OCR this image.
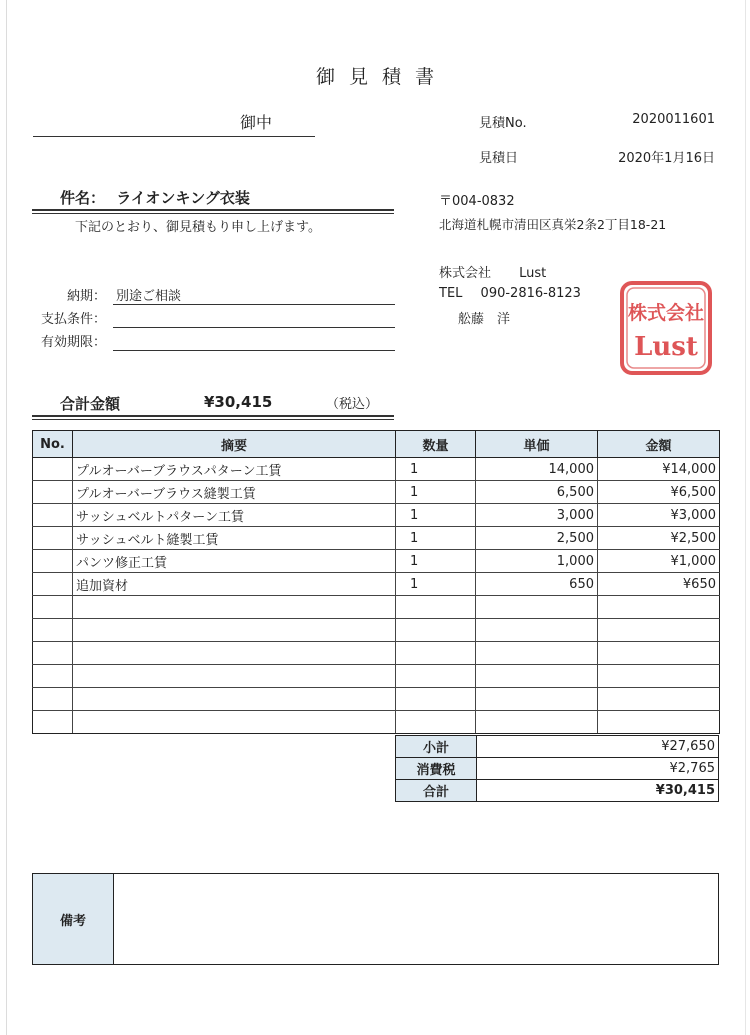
御見積書
御中	見積No.	2020011601
見積日	2020年1月16日
件名： ライオンキング衣装
下記のとおり、御見積もり申し上げます。
〒004-0832
北海道札幌市清田区真栄2条2丁目18-21
株式会社 Lust
TEL 090-2816-8123
舩藤　洋	株式会社
Lust
納期： 別途ご相談
支払条件：
有効期限：
合計金額	¥30,415	（税込）
No.	摘要	数量	単価	金額
	プルオーバーブラウスパターン工賃	1	14,000	¥14,000
	プルオーバーブラウス縫製工賃	1	6,500	¥6,500
	サッシュベルトパターン工賃	1	3,000	¥3,000
	サッシュベルト縫製工賃	1	2,500	¥2,500
	パンツ修正工賃	1	1,000	¥1,000
	追加資材	1	650	¥650

小計	¥27,650
消費税	¥2,765
合計	¥30,415
備考
